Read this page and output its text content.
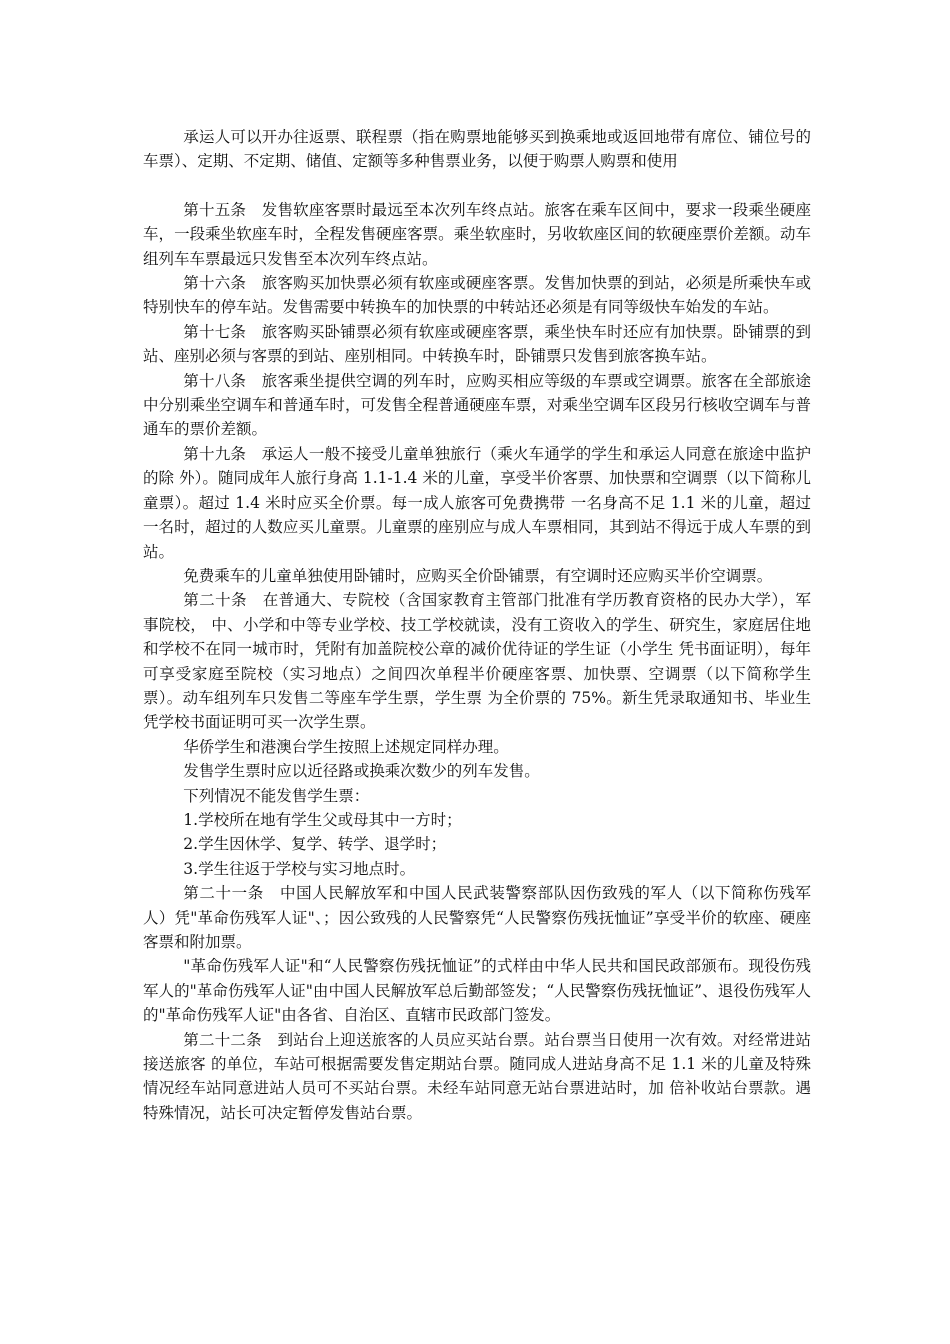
承运人可以开办往返票、联程票（指在购票地能够买到换乘地或返回地带有席位、铺位号的车票）、定期、不定期、储值、定额等多种售票业务，以便于购票人购票和使用

第十五条　发售软座客票时最远至本次列车终点站。旅客在乘车区间中，要求一段乘坐硬座车，一段乘坐软座车时，全程发售硬座客票。乘坐软座时，另收软座区间的软硬座票价差额。动车组列车车票最远只发售至本次列车终点站。

第十六条　旅客购买加快票必须有软座或硬座客票。发售加快票的到站，必须是所乘快车或特别快车的停车站。发售需要中转换车的加快票的中转站还必须是有同等级快车始发的车站。

第十七条　旅客购买卧铺票必须有软座或硬座客票，乘坐快车时还应有加快票。卧铺票的到站、座别必须与客票的到站、座别相同。中转换车时，卧铺票只发售到旅客换车站。

第十八条　旅客乘坐提供空调的列车时，应购买相应等级的车票或空调票。旅客在全部旅途中分别乘坐空调车和普通车时，可发售全程普通硬座车票，对乘坐空调车区段另行核收空调车与普通车的票价差额。

第十九条　承运人一般不接受儿童单独旅行（乘火车通学的学生和承运人同意在旅途中监护的除 外）。随同成年人旅行身高 1.1-1.4 米的儿童，享受半价客票、加快票和空调票（以下简称儿童票）。超过 1.4 米时应买全价票。每一成人旅客可免费携带 一名身高不足 1.1 米的儿童，超过一名时，超过的人数应买儿童票。儿童票的座别应与成人车票相同，其到站不得远于成人车票的到站。

免费乘车的儿童单独使用卧铺时，应购买全价卧铺票，有空调时还应购买半价空调票。

第二十条　在普通大、专院校（含国家教育主管部门批准有学历教育资格的民办大学），军事院校， 中、小学和中等专业学校、技工学校就读，没有工资收入的学生、研究生，家庭居住地和学校不在同一城市时，凭附有加盖院校公章的减价优待证的学生证（小学生 凭书面证明），每年可享受家庭至院校（实习地点）之间四次单程半价硬座客票、加快票、空调票（以下简称学生票）。动车组列车只发售二等座车学生票，学生票 为全价票的 75%。新生凭录取通知书、毕业生凭学校书面证明可买一次学生票。

华侨学生和港澳台学生按照上述规定同样办理。

发售学生票时应以近径路或换乘次数少的列车发售。

下列情况不能发售学生票：

1.学校所在地有学生父或母其中一方时；

2.学生因休学、复学、转学、退学时；

3.学生往返于学校与实习地点时。

第二十一条　中国人民解放军和中国人民武装警察部队因伤致残的军人（以下简称伤残军人）凭"革命伤残军人证"、；因公致残的人民警察凭“人民警察伤残抚恤证”享受半价的软座、硬座客票和附加票。

"革命伤残军人证"和“人民警察伤残抚恤证”的式样由中华人民共和国民政部颁布。现役伤残军人的"革命伤残军人证"由中国人民解放军总后勤部签发；“人民警察伤残抚恤证”、退役伤残军人的"革命伤残军人证"由各省、自治区、直辖市民政部门签发。

第二十二条　到站台上迎送旅客的人员应买站台票。站台票当日使用一次有效。对经常进站接送旅客 的单位，车站可根据需要发售定期站台票。随同成人进站身高不足 1.1 米的儿童及特殊情况经车站同意进站人员可不买站台票。未经车站同意无站台票进站时，加 倍补收站台票款。遇特殊情况，站长可决定暂停发售站台票。
